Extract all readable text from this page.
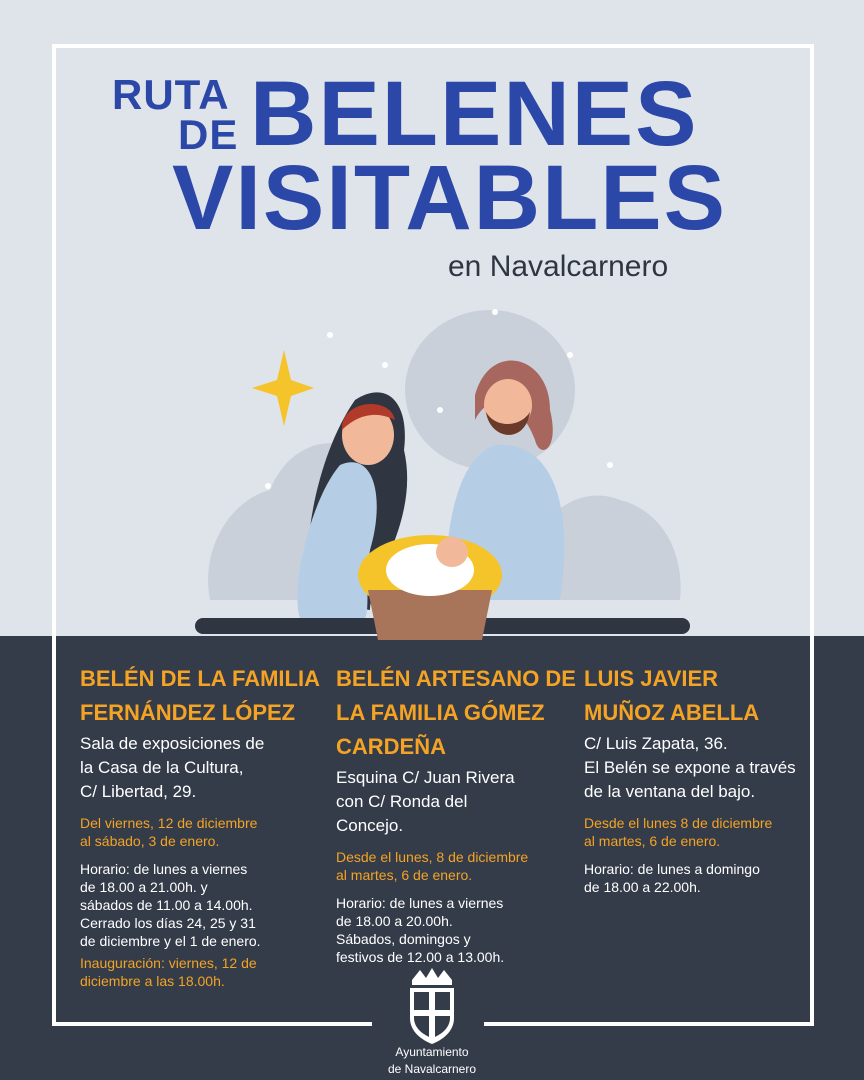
RUTA
DE BELENES
VISITABLES
en Navalcarnero
BELÉN DE LA FAMILIA
FERNÁNDEZ LÓPEZ
Sala de exposiciones de
la Casa de la Cultura,
C/ Libertad, 29.
Del viernes, 12 de diciembre
al sábado, 3 de enero.
Horario: de lunes a viernes
de 18.00 a 21.00h. y
sábados de 11.00 a 14.00h.
Cerrado los días 24, 25 y 31
de diciembre y el 1 de enero.
Inauguración: viernes, 12 de
diciembre a las 18.00h.
BELÉN ARTESANO DE
LA FAMILIA GÓMEZ
CARDEÑA
Esquina C/ Juan Rivera
con C/ Ronda del
Concejo.
Desde el lunes, 8 de diciembre
al martes, 6 de enero.
Horario: de lunes a viernes
de 18.00 a 20.00h.
Sábados, domingos y
festivos de 12.00 a 13.00h.
LUIS JAVIER
MUÑOZ ABELLA
C/ Luis Zapata, 36.
El Belén se expone a través
de la ventana del bajo.
Desde el lunes 8 de diciembre
al martes, 6 de enero.
Horario: de lunes a domingo
de 18.00 a 22.00h.
Ayuntamiento
de Navalcarnero
